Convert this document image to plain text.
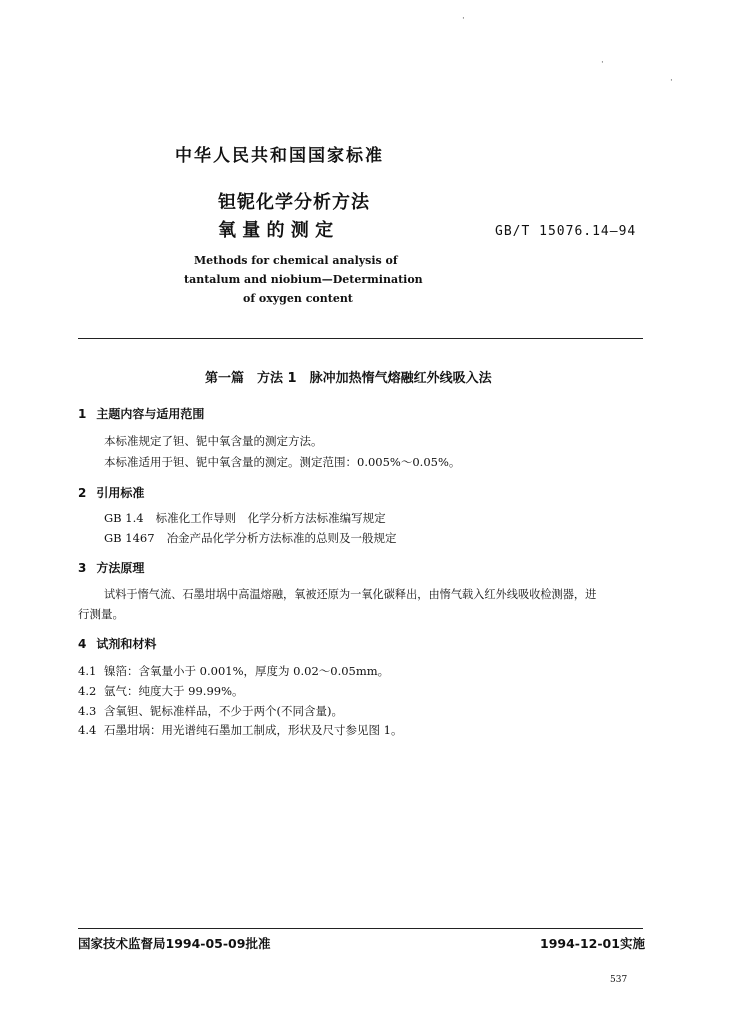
·
·
·
中华人民共和国国家标准
钽铌化学分析方法
氧 量 的 测 定	GB/T 15076.14—94
Methods for chemical analysis of
tantalum and niobium—Determination
of oxygen content
第一篇　方法 1　脉冲加热惰气熔融红外线吸入法
1 主题内容与适用范围
本标准规定了钽、铌中氧含量的测定方法。
本标准适用于钽、铌中氧含量的测定。测定范围：0.005%～0.05%。
2 引用标准
GB 1.4 标准化工作导则　化学分析方法标准编写规定
GB 1467 冶金产品化学分析方法标准的总则及一般规定
3 方法原理
试料于惰气流、石墨坩埚中高温熔融，氧被还原为一氧化碳释出，由惰气载入红外线吸收检测器，进
行测量。
4 试剂和材料
4.1 镍箔：含氧量小于 0.001%，厚度为 0.02～0.05mm。
4.2 氩气：纯度大于 99.99%。
4.3 含氧钽、铌标准样品，不少于两个(不同含量)。
4.4 石墨坩埚：用光谱纯石墨加工制成，形状及尺寸参见图 1。
国家技术监督局1994-05-09批准	1994-12-01实施
537
